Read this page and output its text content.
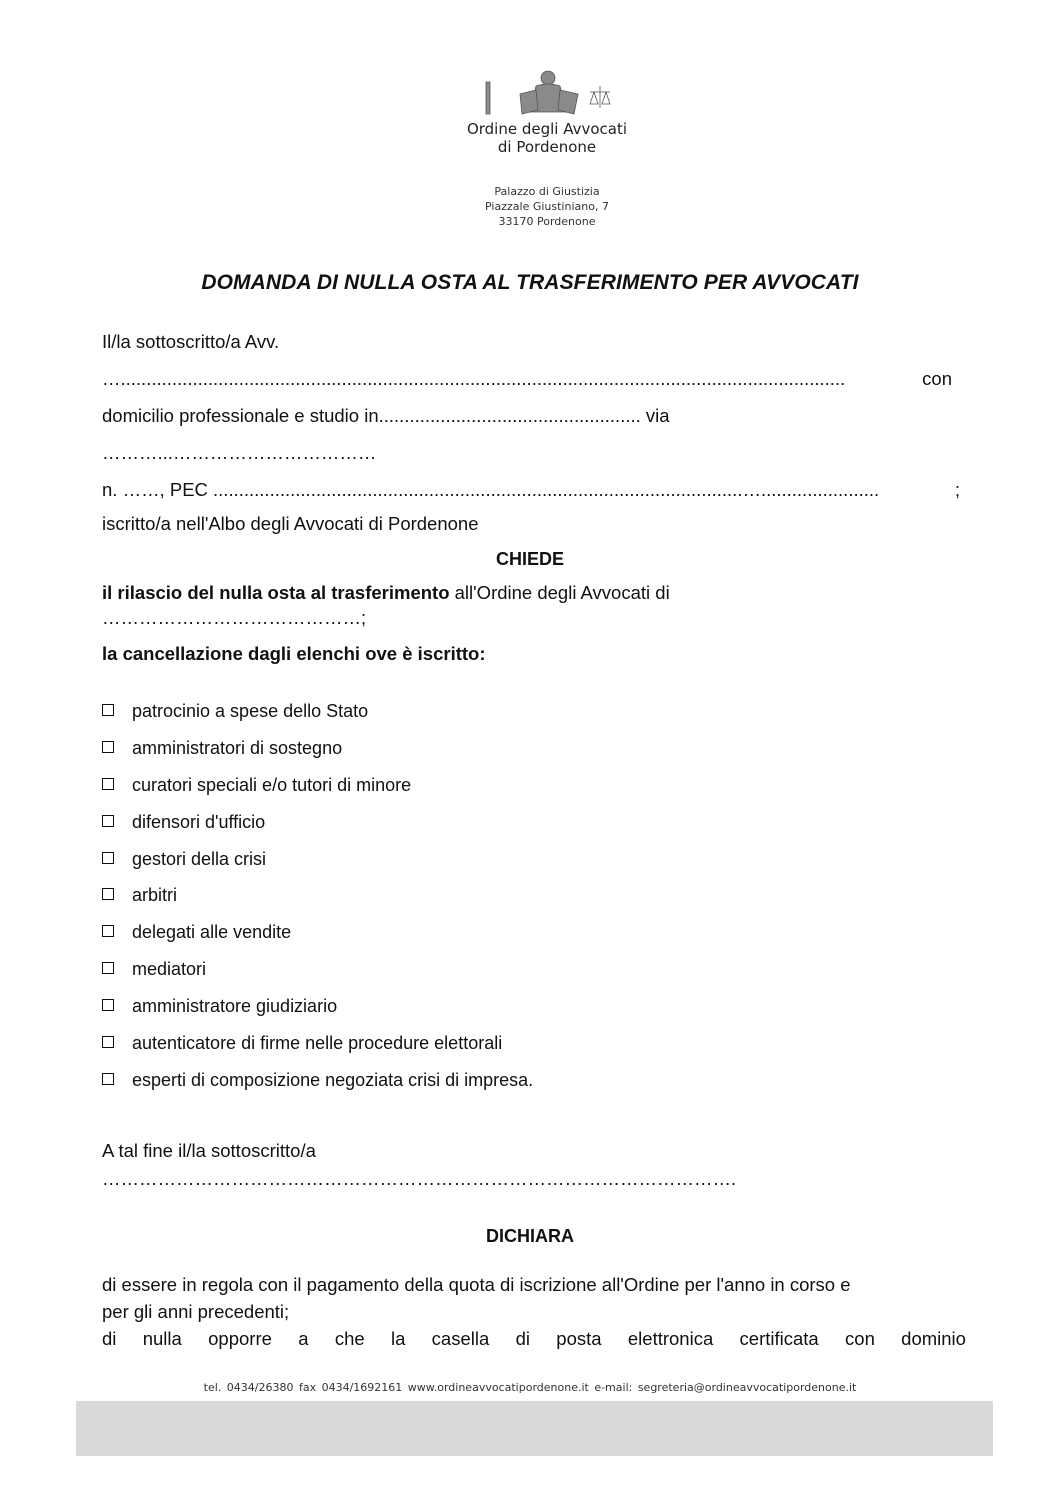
Ordine degli Avvocati
di Pordenone
Palazzo di Giustizia
Piazzale Giustiniano, 7
33170 Pordenone
DOMANDA DI NULLA OSTA AL TRASFERIMENTO PER AVVOCATI
Il/la sottoscritto/a Avv.
….............................................................................................................................................	con
domicilio professionale e studio in................................................... via
………...……………………………
n. ……, PEC .......................................................................................................….......................	;
iscritto/a nell'Albo degli Avvocati di Pordenone
CHIEDE
il rilascio del nulla osta al trasferimento all'Ordine degli Avvocati di
……………………………………;
la cancellazione dagli elenchi ove è iscritto:
patrocinio a spese dello Stato
amministratori di sostegno
curatori speciali e/o tutori di minore
difensori d'ufficio
gestori della crisi
arbitri
delegati alle vendite
mediatori
amministratore giudiziario
autenticatore di firme nelle procedure elettorali
esperti di composizione negoziata crisi di impresa.
A tal fine il/la sottoscritto/a
………………………………………………………………………………………….
DICHIARA
di essere in regola con il pagamento della quota di iscrizione all'Ordine per l'anno in corso e
per gli anni precedenti;
di nulla opporre a che la casella di posta elettronica certificata con dominio
tel. 0434/26380 fax 0434/1692161 www.ordineavvocatipordenone.it e-mail: segreteria@ordineavvocatipordenone.it
